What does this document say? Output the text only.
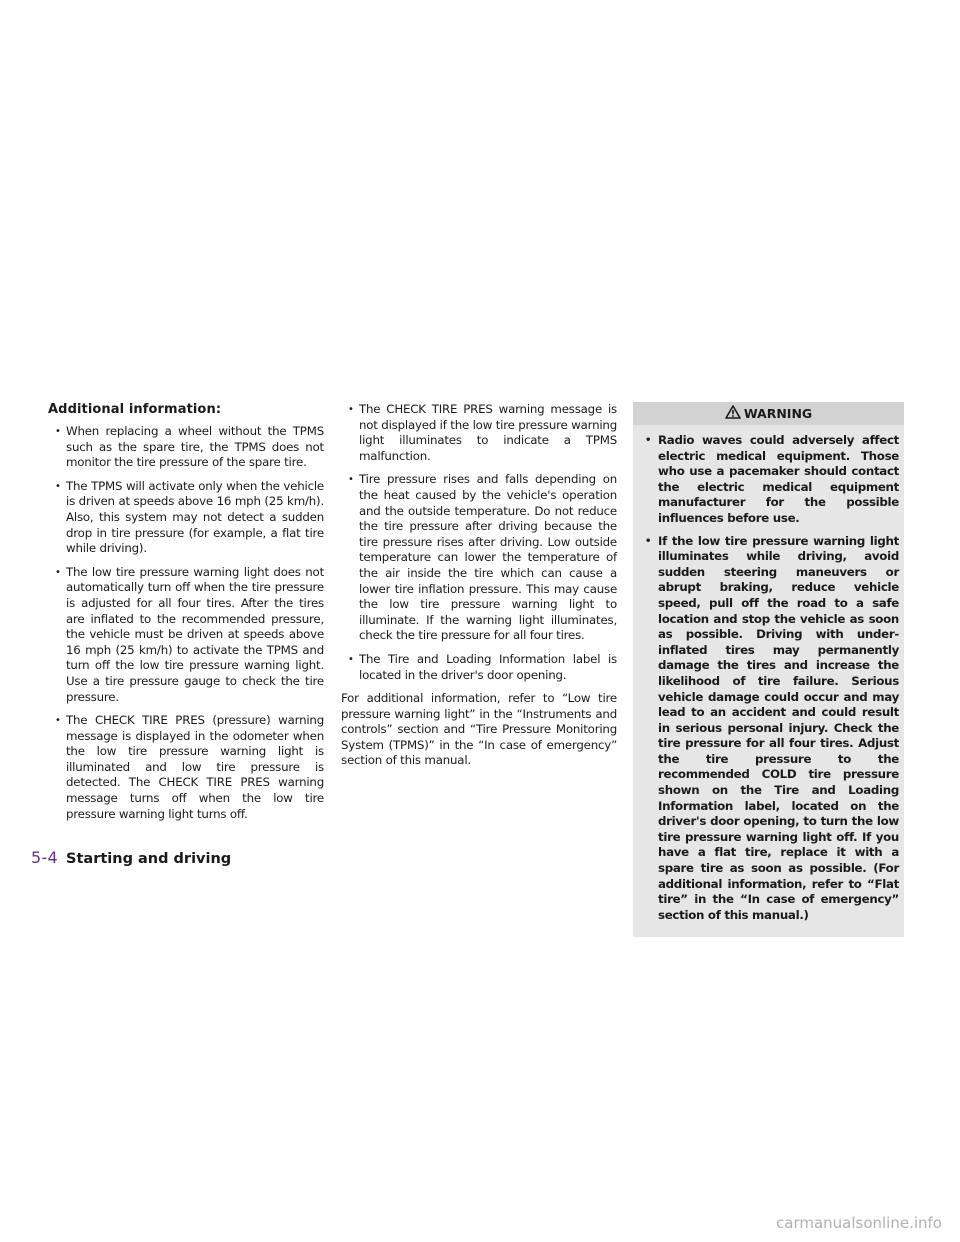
Additional information:
• When replacing a wheel without the TPMS such as the spare tire, the TPMS does not monitor the tire pressure of the spare tire.
• The TPMS will activate only when the vehicle is driven at speeds above 16 mph (25 km/h). Also, this system may not detect a sudden drop in tire pressure (for example, a flat tire while driving).
• The low tire pressure warning light does not automatically turn off when the tire pressure is adjusted for all four tires. After the tires are inflated to the recommended pressure, the vehicle must be driven at speeds above 16 mph (25 km/h) to activate the TPMS and turn off the low tire pressure warning light. Use a tire pressure gauge to check the tire pressure.
• The CHECK TIRE PRES (pressure) warning message is displayed in the odometer when the low tire pressure warning light is illuminated and low tire pressure is detected. The CHECK TIRE PRES warning message turns off when the low tire pressure warning light turns off.
• The CHECK TIRE PRES warning message is not displayed if the low tire pressure warning light illuminates to indicate a TPMS malfunction.
• Tire pressure rises and falls depending on the heat caused by the vehicle's operation and the outside temperature. Do not reduce the tire pressure after driving because the tire pressure rises after driving. Low outside temperature can lower the temperature of the air inside the tire which can cause a lower tire inflation pressure. This may cause the low tire pressure warning light to illuminate. If the warning light illuminates, check the tire pressure for all four tires.
• The Tire and Loading Information label is located in the driver's door opening.

For additional information, refer to “Low tire pressure warning light” in the “Instruments and controls” section and “Tire Pressure Monitoring System (TPMS)” in the “In case of emergency” section of this manual.

WARNING
• Radio waves could adversely affect electric medical equipment. Those who use a pacemaker should contact the electric medical equipment manufacturer for the possible influences before use.
• If the low tire pressure warning light illuminates while driving, avoid sudden steering maneuvers or abrupt braking, reduce vehicle speed, pull off the road to a safe location and stop the vehicle as soon as possible. Driving with under-inflated tires may permanently damage the tires and increase the likelihood of tire failure. Serious vehicle damage could occur and may lead to an accident and could result in serious personal injury. Check the tire pressure for all four tires. Adjust the tire pressure to the recommended COLD tire pressure shown on the Tire and Loading Information label, located on the driver's door opening, to turn the low tire pressure warning light off. If you have a flat tire, replace it with a spare tire as soon as possible. (For additional information, refer to “Flat tire” in the “In case of emergency” section of this manual.)
5-4 Starting and driving
carmanualsonline.info
